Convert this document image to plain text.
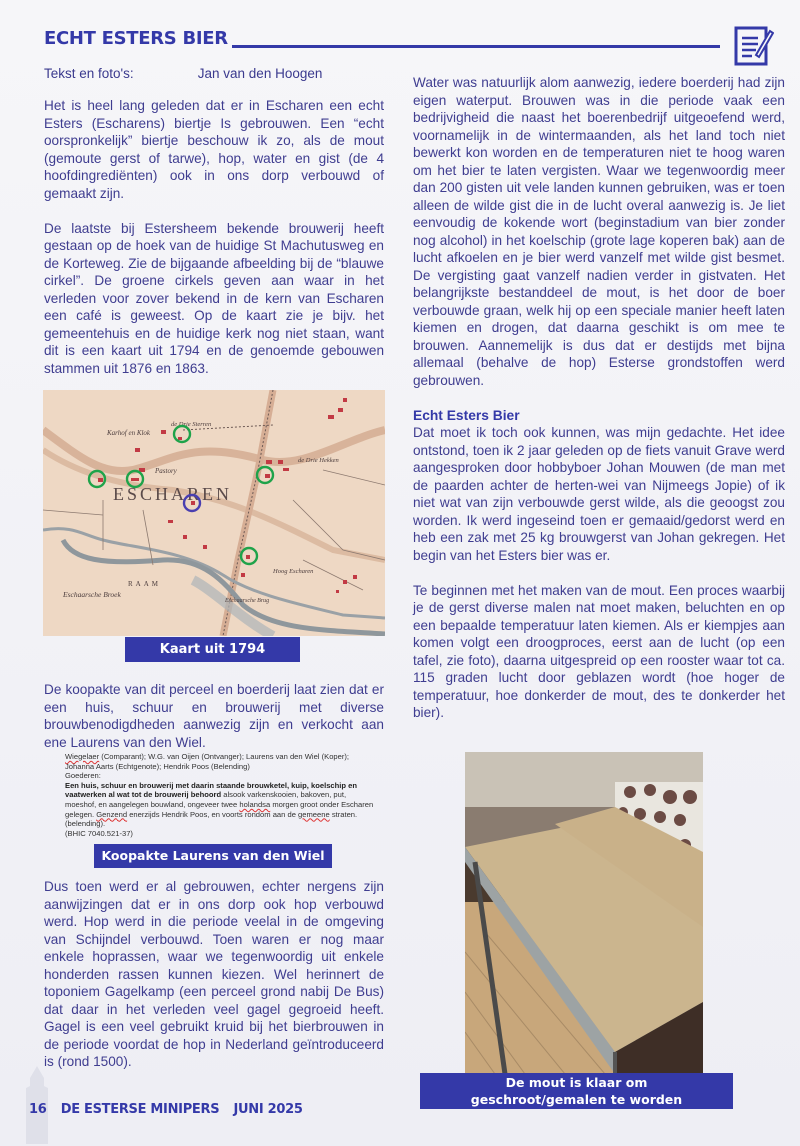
ECHT ESTERS BIER
Tekst en foto's:	Jan van den Hoogen

Het is heel lang geleden dat er in Escharen een echt Esters (Escharens) biertje Is gebrouwen. Een “echt oorspronkelijk” biertje beschouw ik zo, als de mout (gemoute gerst of tarwe), hop, water en gist (de 4 hoofdingrediënten) ook in ons dorp verbouwd of gemaakt zijn.

De laatste bij Estersheem bekende brouwerij heeft gestaan op de hoek van de huidige St Machutusweg en de Korteweg. Zie de bijgaande afbeelding bij de “blauwe cirkel”. De groene cirkels geven aan waar in het verleden voor zover bekend in de kern van Escharen een café is geweest. Op de kaart zie je bijv. het gemeentehuis en de huidige kerk nog niet staan, want dit is een kaart uit 1794 en de genoemde gebouwen stammen uit 1876 en 1863.

Karhof en Klok
de Drie Sterren
de Drie Hekken
Pastory
Hoog Escharen
Eschaarsche Broek
Eschaarsche Brug
ESCHAREN
RAAM
Kaart uit 1794

De koopakte van dit perceel en boerderij laat zien dat er een huis, schuur en brouwerij met diverse brouwbenodigdheden aanwezig zijn en verkocht aan ene Laurens van den Wiel.

Wiegelaer (Comparant); W.G. van Oijen (Ontvanger); Laurens van den Wiel (Koper); Johanna Aarts (Echtgenote); Hendrik Poos (Belending)
Goederen:
Een huis, schuur en brouwerij met daarin staande brouwketel, kuip, koelschip en vaatwerken al wat tot de brouwerij behoord alsook varkenskooien, bakoven, put, moeshof, en aangelegen bouwland, ongeveer twee holandsa morgen groot onder Escharen gelegen. Genzend enerzijds Hendrik Poos, en voorts rondom aan de gemeene straten. (belending).
(BHIC 7040.521-37)
Koopakte Laurens van den Wiel

Dus toen werd er al gebrouwen, echter nergens zijn aanwijzingen dat er in ons dorp ook hop verbouwd werd. Hop werd in die periode veelal in de omgeving van Schijndel verbouwd. Toen waren er nog maar enkele hoprassen, waar we tegenwoordig uit enkele honderden rassen kunnen kiezen. Wel herinnert de toponiem Gagelkamp (een perceel grond nabij De Bus) dat daar in het verleden veel gagel gegroeid heeft. Gagel is een veel gebruikt kruid bij het bierbrouwen in de periode voordat de hop in Nederland geïntroduceerd is (rond 1500).

Water was natuurlijk alom aanwezig, iedere boerderij had zijn eigen waterput. Brouwen was in die periode vaak een bedrijvigheid die naast het boerenbedrijf uitgeoefend werd, voornamelijk in de wintermaanden, als het land toch niet bewerkt kon worden en de temperaturen niet te hoog waren om het bier te laten vergisten. Waar we tegenwoordig meer dan 200 gisten uit vele landen kunnen gebruiken, was er toen alleen de wilde gist die in de lucht overal aanwezig is. Je liet eenvoudig de kokende wort (beginstadium van bier zonder nog alcohol) in het koelschip (grote lage koperen bak) aan de lucht afkoelen en je bier werd vanzelf met wilde gist besmet. De vergisting gaat vanzelf nadien verder in gistvaten. Het belangrijkste bestanddeel de mout, is het door de boer verbouwde graan, welk hij op een speciale manier heeft laten kiemen en drogen, dat daarna geschikt is om mee te brouwen. Aannemelijk is dus dat er destijds met bijna allemaal (behalve de hop) Esterse grondstoffen werd gebrouwen.

Echt Esters Bier

Dat moet ik toch ook kunnen, was mijn gedachte. Het idee ontstond, toen ik 2 jaar geleden op de fiets vanuit Grave werd aangesproken door hobbyboer Johan Mouwen (de man met de paarden achter de herten-wei van Nijmeegs Jopie) of ik niet wat van zijn verbouwde gerst wilde, als die geoogst zou worden. Ik werd ingeseind toen er gemaaid/gedorst werd en heb een zak met 25 kg brouwgerst van Johan gekregen. Het begin van het Esters bier was er.

Te beginnen met het maken van de mout. Een proces waarbij je de gerst diverse malen nat moet maken, beluchten en op een bepaalde temperatuur laten kiemen. Als er kiempjes aan komen volgt een droogproces, eerst aan de lucht (op een tafel, zie foto), daarna uitgespreid op een rooster waar tot ca. 115 graden lucht door geblazen wordt (hoe hoger de temperatuur, hoe donkerder de mout, des te donkerder het bier).

De mout is klaar om
geschroot/gemalen te worden
16 DE ESTERSE MINIPERS JUNI 2025
